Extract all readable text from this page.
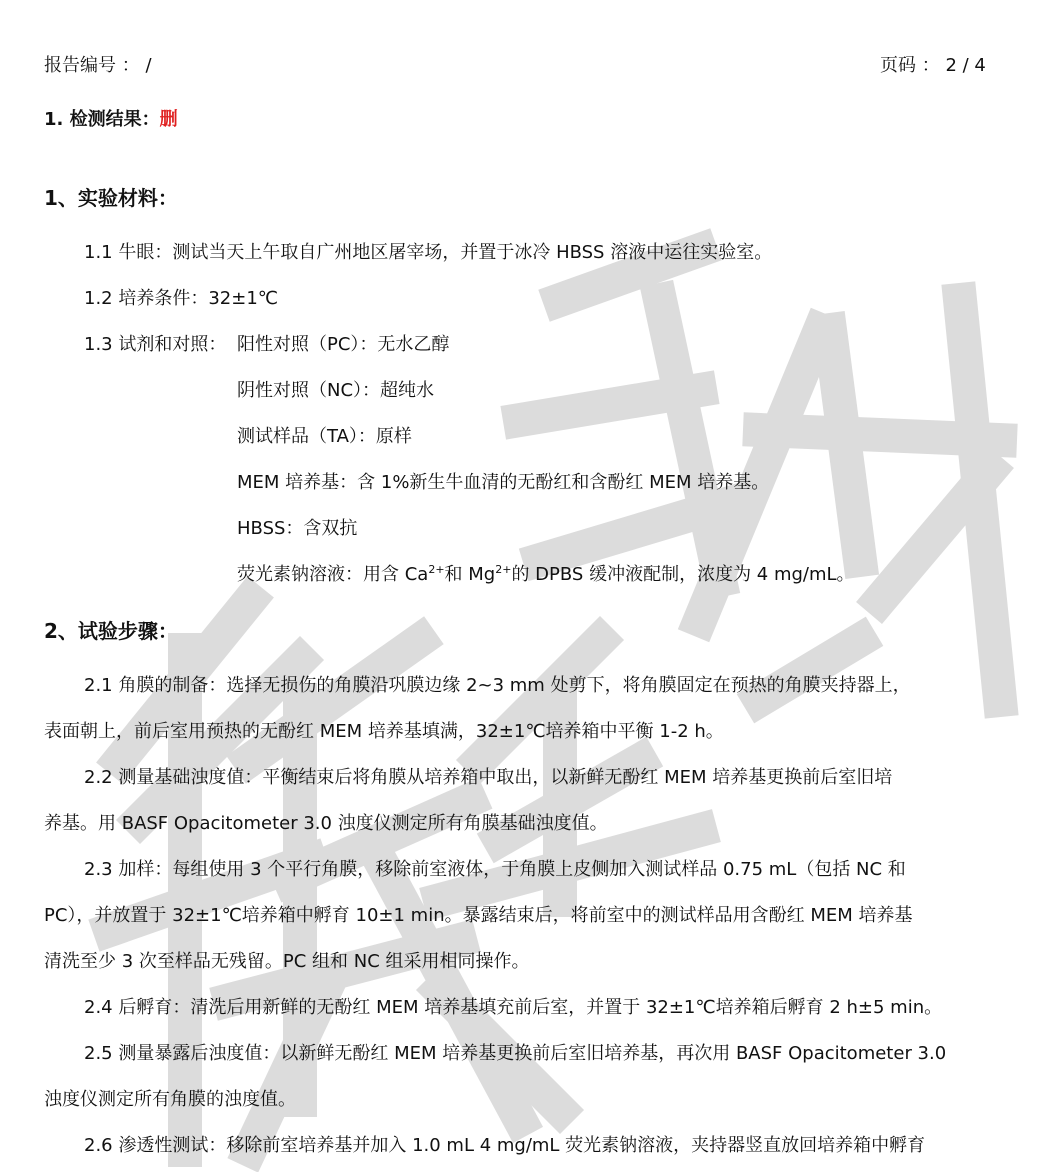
报告编号 ： /	页码 ： 2 / 4
1. 检测结果：删
1、实验材料：
1.1 牛眼：测试当天上午取自广州地区屠宰场，并置于冰冷 HBSS 溶液中运往实验室。
1.2 培养条件：32±1℃
1.3 试剂和对照： 阳性对照（PC）：无水乙醇
阴性对照（NC）：超纯水
测试样品（TA）：原样
MEM 培养基：含 1%新生牛血清的无酚红和含酚红 MEM 培养基。
HBSS：含双抗
荧光素钠溶液：用含 $Ca^{2+}$和 $Mg^{2+}$的 DPBS 缓冲液配制，浓度为 4 mg/mL。
2、试验步骤：
2.1 角膜的制备：选择无损伤的角膜沿巩膜边缘 2~3 mm 处剪下，将角膜固定在预热的角膜夹持器上，
表面朝上，前后室用预热的无酚红 MEM 培养基填满，32±1℃培养箱中平衡 1-2 h。
2.2 测量基础浊度值：平衡结束后将角膜从培养箱中取出，以新鲜无酚红 MEM 培养基更换前后室旧培
养基。用 BASF Opacitometer 3.0 浊度仪测定所有角膜基础浊度值。
2.3 加样：每组使用 3 个平行角膜，移除前室液体，于角膜上皮侧加入测试样品 0.75 mL（包括 NC 和
PC），并放置于 32±1℃培养箱中孵育 10±1 min。暴露结束后，将前室中的测试样品用含酚红 MEM 培养基
清洗至少 3 次至样品无残留。PC 组和 NC 组采用相同操作。
2.4 后孵育：清洗后用新鲜的无酚红 MEM 培养基填充前后室，并置于 32±1℃培养箱后孵育 2 h±5 min。
2.5 测量暴露后浊度值：以新鲜无酚红 MEM 培养基更换前后室旧培养基，再次用 BASF Opacitometer 3.0
浊度仪测定所有角膜的浊度值。
2.6 渗透性测试：移除前室培养基并加入 1.0 mL 4 mg/mL 荧光素钠溶液，夹持器竖直放回培养箱中孵育
